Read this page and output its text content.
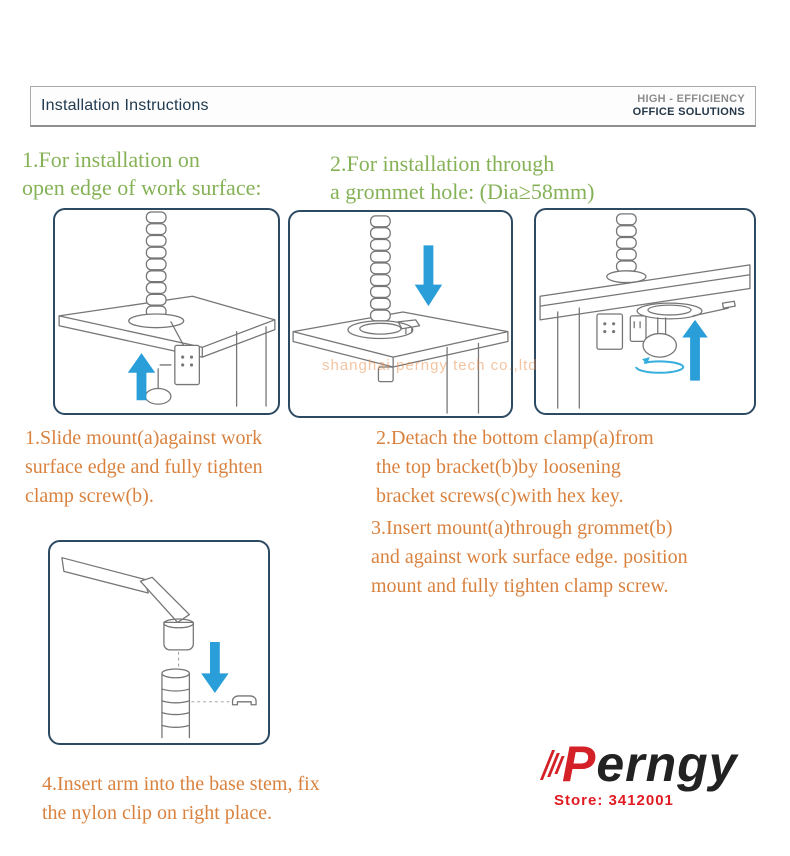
Installation Instructions	HIGH - EFFICIENCY
OFFICE SOLUTIONS
1.For installation on
open edge of work surface:
2.For installation through
a grommet hole: (Dia≥58mm)
shanghai perngy tech co.,ltd
1.Slide mount(a)against work
surface edge and fully tighten
clamp screw(b).
2.Detach the bottom clamp(a)from
the top bracket(b)by loosening
bracket screws(c)with hex key.
3.Insert mount(a)through grommet(b)
and against work surface edge. position
mount and fully tighten clamp screw.
4.Insert arm into the base stem, fix
the nylon clip on right place.
Perngy
Store: 3412001
